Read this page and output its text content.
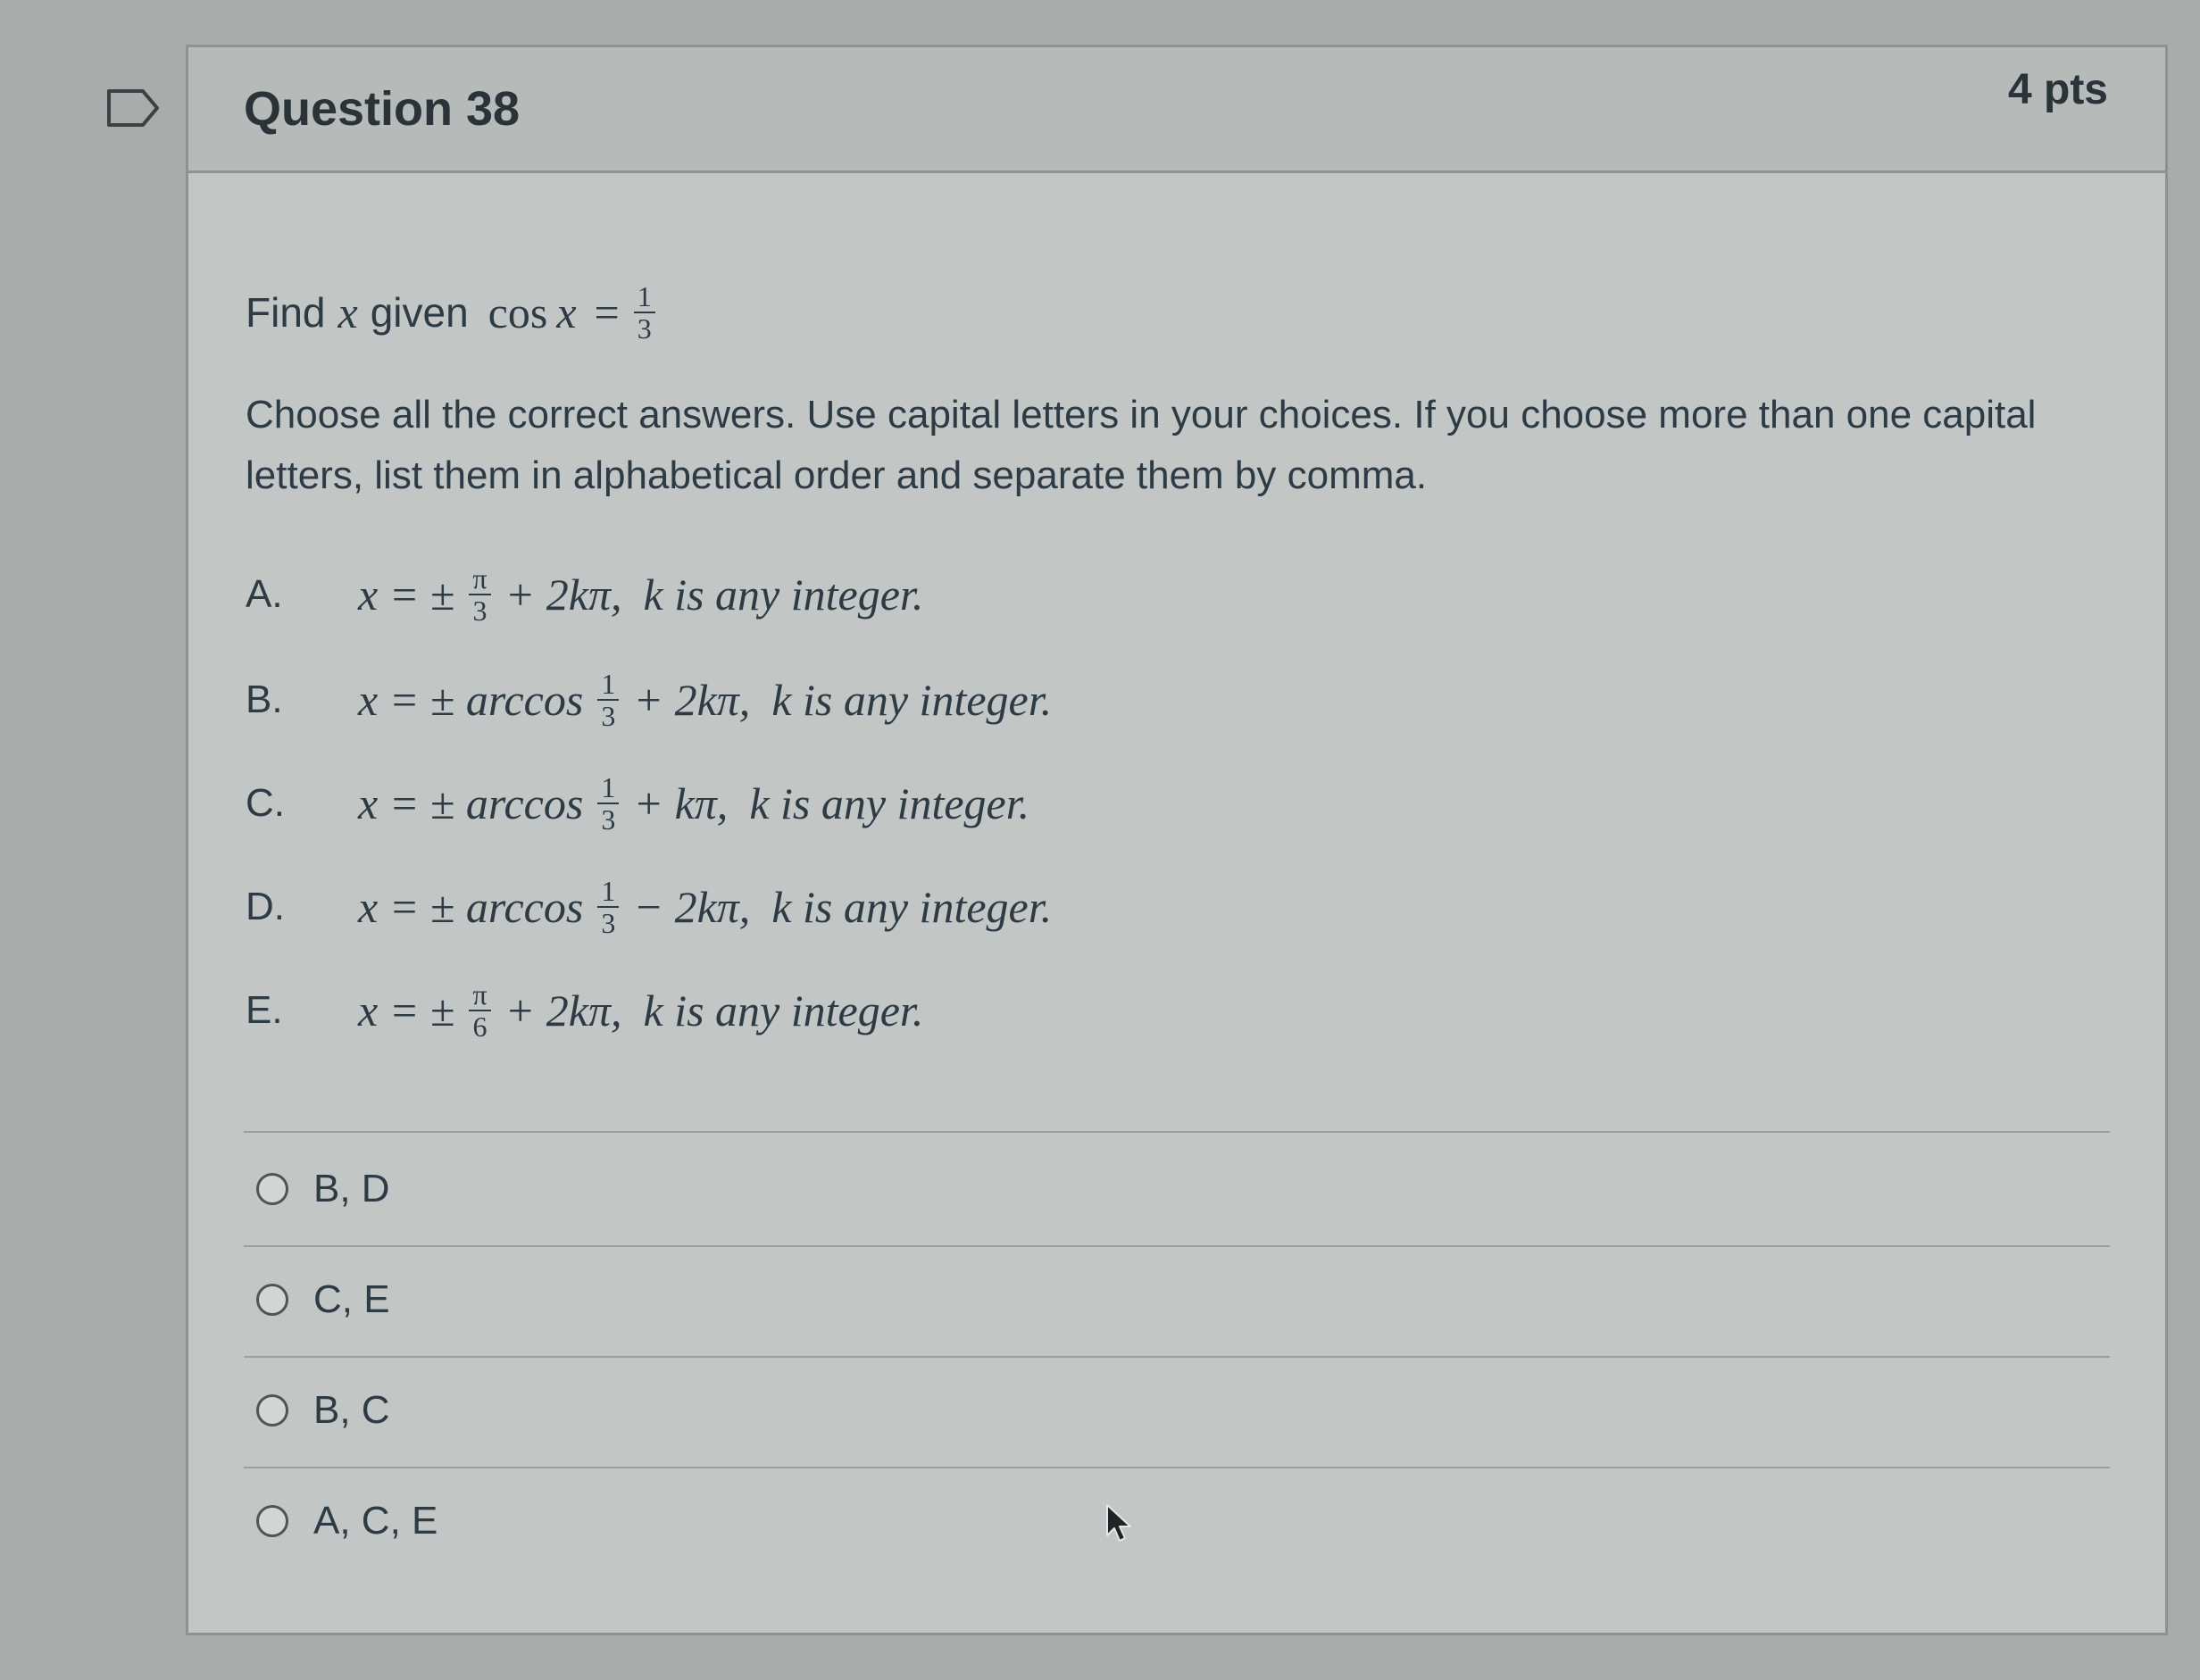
Question 38	4 pts
Find x given $\cos x = \frac{1}{3}$
Choose all the correct answers. Use capital letters in your choices. If you choose more than one capital letters, list them in alphabetical order and separate them by comma.
A.	x = ± $\frac{\pi}{3} + 2k\pi$, k is any integer.
B.	x = ± $\arccos \frac{1}{3} + 2k\pi$, k is any integer.
C.	x = ± $\arccos \frac{1}{3} + k\pi$, k is any integer.
D.	x = ± $\arccos \frac{1}{3} - 2k\pi$, k is any integer.
E.	x = ± $\frac{\pi}{6} + 2k\pi$, k is any integer.
B, D
C, E
B, C
A, C, E
